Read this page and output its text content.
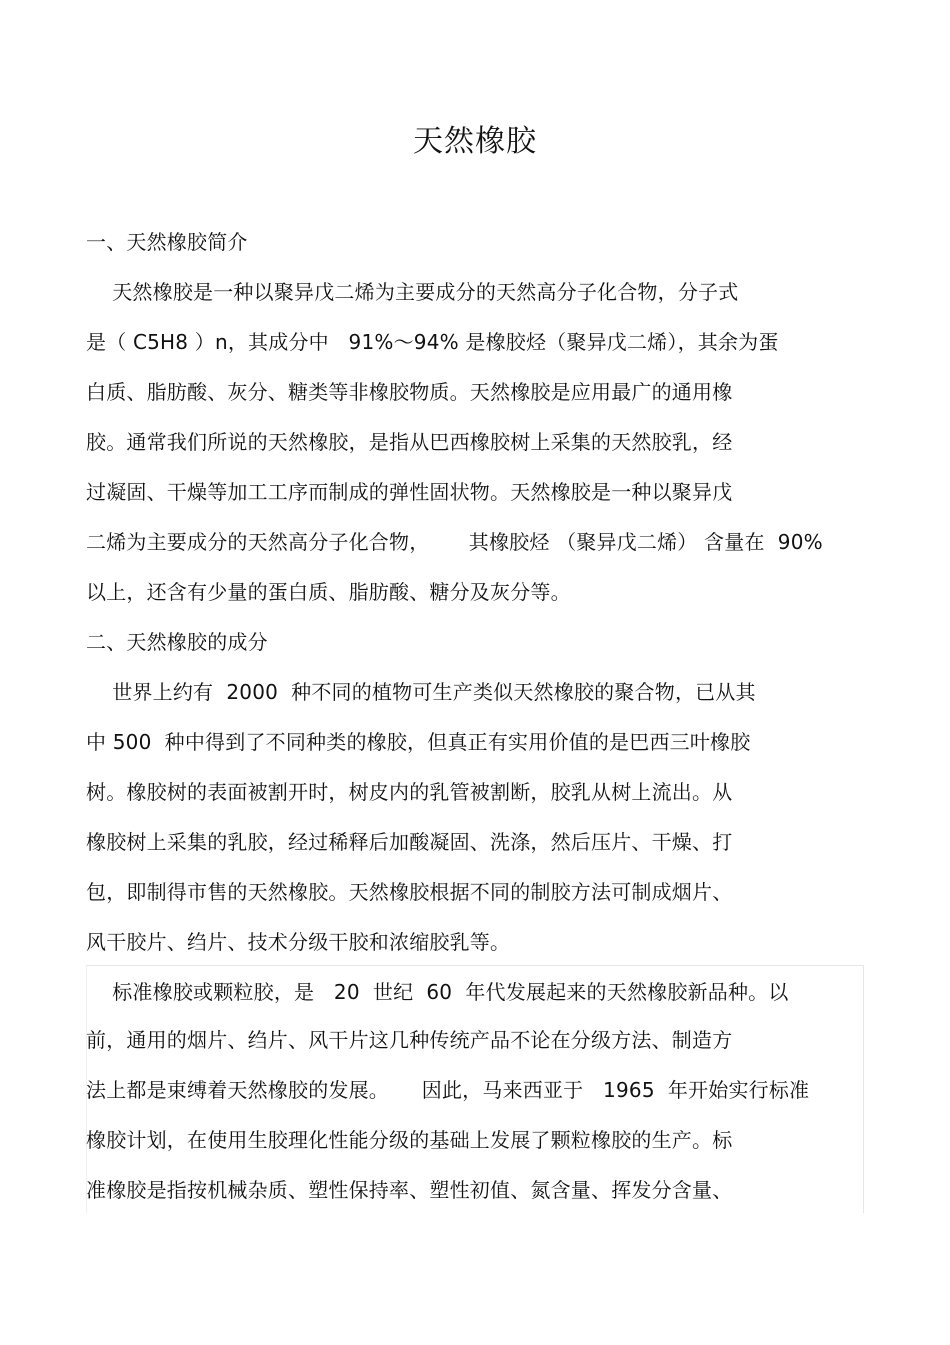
天然橡胶
一、天然橡胶简介
天然橡胶是一种以聚异戊二烯为主要成分的天然高分子化合物，分子式
是（ C5H8 ）n，其成分中   91%～94% 是橡胶烃（聚异戊二烯），其余为蛋
白质、脂肪酸、灰分、糖类等非橡胶物质。天然橡胶是应用最广的通用橡
胶。通常我们所说的天然橡胶，是指从巴西橡胶树上采集的天然胶乳，经
过凝固、干燥等加工工序而制成的弹性固状物。天然橡胶是一种以聚异戊
二烯为主要成分的天然高分子化合物，      其橡胶烃 （聚异戊二烯） 含量在  90%
以上，还含有少量的蛋白质、脂肪酸、糖分及灰分等。
二、天然橡胶的成分
世界上约有  2000  种不同的植物可生产类似天然橡胶的聚合物，已从其
中 500  种中得到了不同种类的橡胶，但真正有实用价值的是巴西三叶橡胶
树。橡胶树的表面被割开时，树皮内的乳管被割断，胶乳从树上流出。从
橡胶树上采集的乳胶，经过稀释后加酸凝固、洗涤，然后压片、干燥、打
包，即制得市售的天然橡胶。天然橡胶根据不同的制胶方法可制成烟片、
风干胶片、绉片、技术分级干胶和浓缩胶乳等。
标准橡胶或颗粒胶，是   20  世纪  60  年代发展起来的天然橡胶新品种。以
前，通用的烟片、绉片、风干片这几种传统产品不论在分级方法、制造方
法上都是束缚着天然橡胶的发展。     因此，马来西亚于   1965  年开始实行标准
橡胶计划，在使用生胶理化性能分级的基础上发展了颗粒橡胶的生产。标
准橡胶是指按机械杂质、塑性保持率、塑性初值、氮含量、挥发分含量、
